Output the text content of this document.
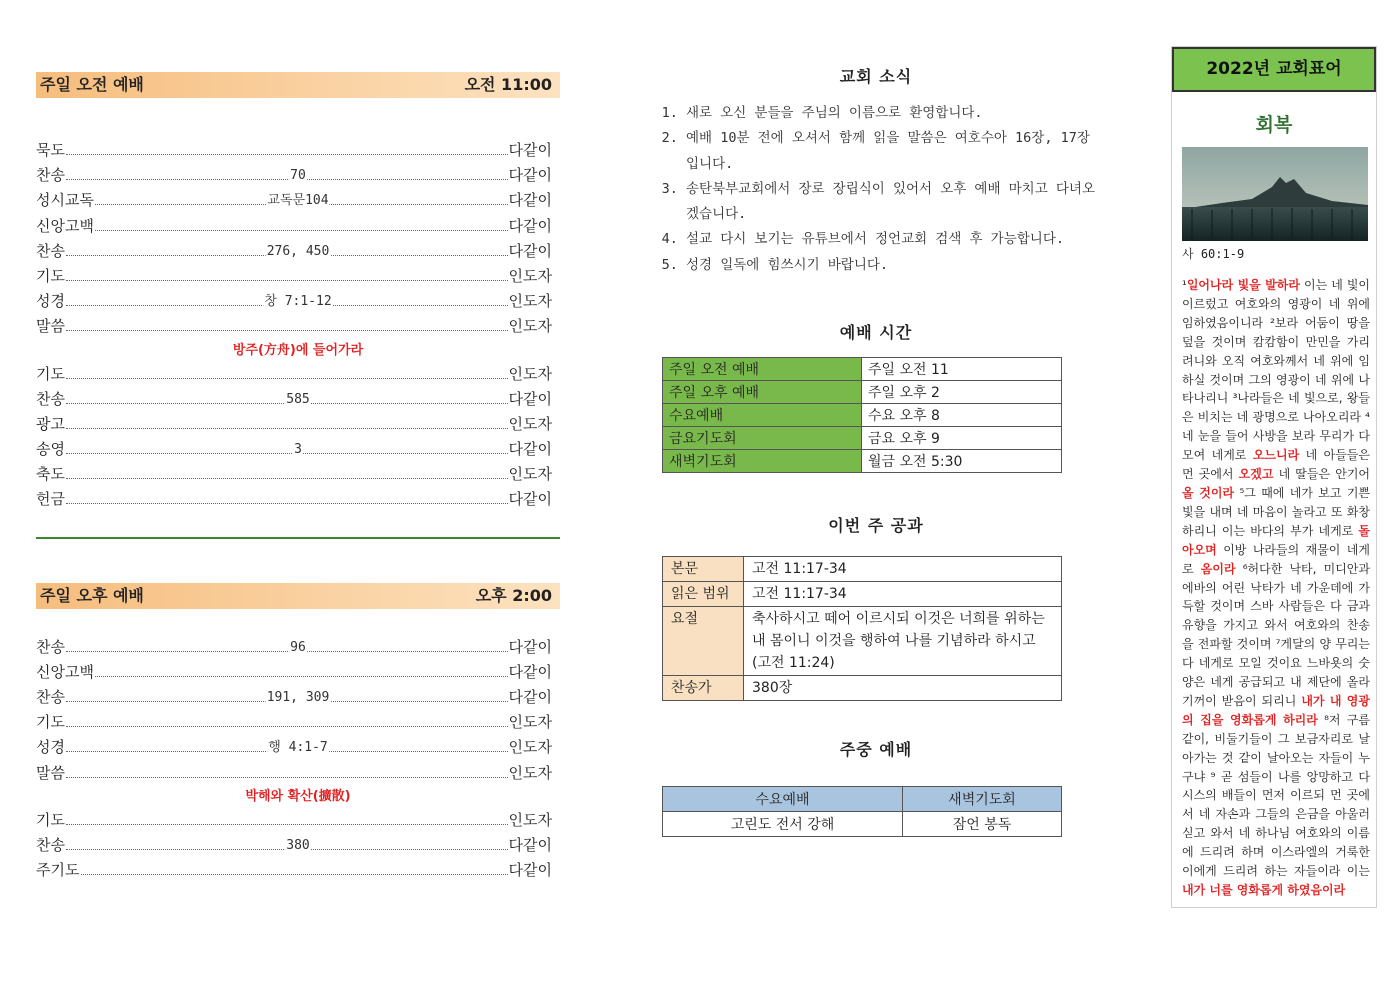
주일 오전 예배	오전 11:00
묵도	다같이
찬송	70	다같이
성시교독	교독문104	다같이
신앙고백	다같이
찬송	276, 450	다같이
기도	인도자
성경	창 7:1-12	인도자
말씀	인도자
방주(方舟)에 들어가라
기도	인도자
찬송	585	다같이
광고	인도자
송영	3	다같이
축도	인도자
헌금	다같이
주일 오후 예배	오후 2:00
찬송	96	다같이
신앙고백	다같이
찬송	191, 309	다같이
기도	인도자
성경	행 4:1-7	인도자
말씀	인도자
박해와 확산(擴散)
기도	인도자
찬송	380	다같이
주기도	다같이
교회 소식
1. 새로 오신 분들을 주님의 이름으로 환영합니다.
2. 예배 10분 전에 오셔서 함께 읽을 말씀은 여호수아 16장, 17장입니다.
3. 송탄북부교회에서 장로 장립식이 있어서 오후 예배 마치고 다녀오겠습니다.
4. 설교 다시 보기는 유튜브에서 정언교회 검색 후 가능합니다.
5. 성경 일독에 힘쓰시기 바랍니다.
예배 시간
주일 오전 예배	주일 오전 11
주일 오후 예배	주일 오후 2
수요예배	수요 오후 8
금요기도회	금요 오후 9
새벽기도회	월금 오전 5:30
이번 주 공과
본문	고전 11:17-34
읽은 범위	고전 11:17-34
요절	축사하시고 떼어 이르시되 이것은 너희를 위하는 내 몸이니 이것을 행하여 나를 기념하라 하시고(고전 11:24)
찬송가	380장
주중 예배
수요예배	새벽기도회
고린도 전서 강해	잠언 봉독
2022년 교회표어
회복
사 60:1-9
¹일어나라 빛을 발하라 이는 네 빛이 이르렀고 여호와의 영광이 네 위에 임하였음이니라 ²보라 어둠이 땅을 덮을 것이며 캄캄함이 만민을 가리려니와 오직 여호와께서 네 위에 임하실 것이며 그의 영광이 네 위에 나타나리니 ³나라들은 네 빛으로, 왕들은 비치는 네 광명으로 나아오리라 ⁴네 눈을 들어 사방을 보라 무리가 다 모여 네게로 오느니라 네 아들들은 먼 곳에서 오겠고 네 딸들은 안기어 올 것이라 ⁵그 때에 네가 보고 기쁜 빛을 내며 네 마음이 놀라고 또 화창하리니 이는 바다의 부가 네게로 돌아오며 이방 나라들의 재물이 네게로 옴이라 ⁶허다한 낙타, 미디안과 에바의 어린 낙타가 네 가운데에 가득할 것이며 스바 사람들은 다 금과 유향을 가지고 와서 여호와의 찬송을 전파할 것이며 ⁷게달의 양 무리는 다 네게로 모일 것이요 느바욧의 숫양은 네게 공급되고 내 제단에 올라 기꺼이 받음이 되리니 내가 내 영광의 집을 영화롭게 하리라 ⁸저 구름 같이, 비둘기들이 그 보금자리로 날아가는 것 같이 날아오는 자들이 누구냐 ⁹ 곧 섬들이 나를 앙망하고 다시스의 배들이 먼저 이르되 먼 곳에서 네 자손과 그들의 은금을 아울러 싣고 와서 네 하나님 여호와의 이름에 드리려 하며 이스라엘의 거룩한 이에게 드리려 하는 자들이라 이는 내가 너를 영화롭게 하였음이라
